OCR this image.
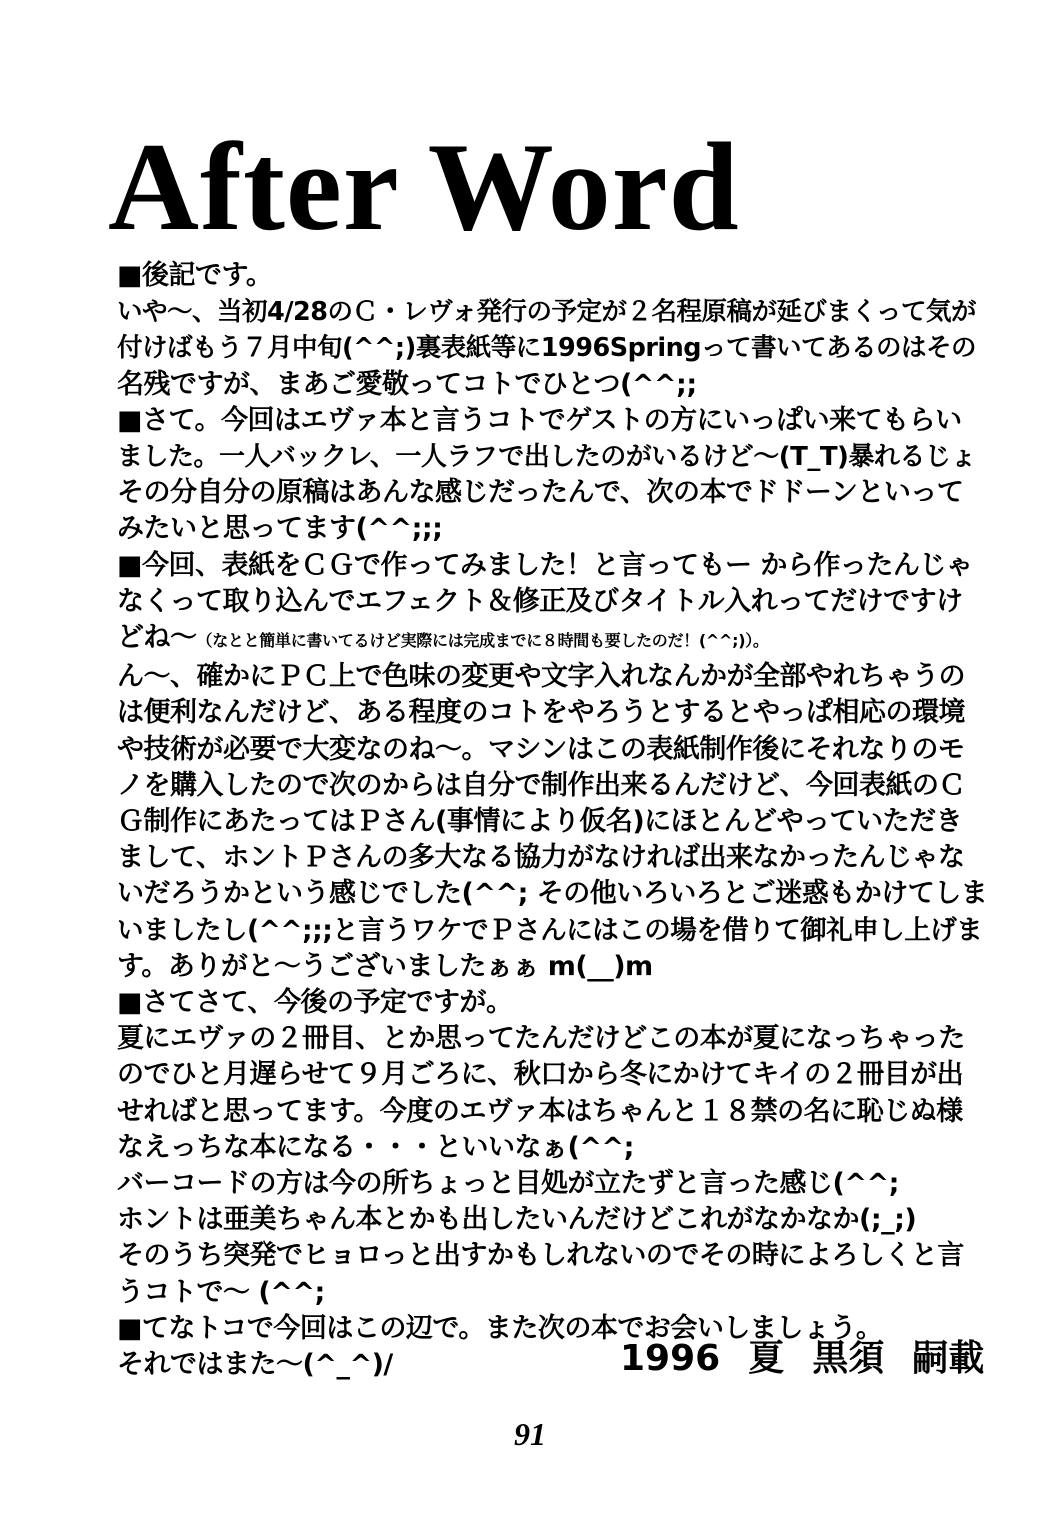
After Word
■後記です。
いや～、当初4/28のＣ・レヴォ発行の予定が２名程原稿が延びまくって気が
付けばもう７月中旬(^^;)裏表紙等に1996Springって書いてあるのはその
名残ですが、まあご愛敬ってコトでひとつ(^^;;
■さて。今回はエヴァ本と言うコトでゲストの方にいっぱい来てもらい
ました。一人バックレ、一人ラフで出したのがいるけど～(T_T)暴れるじょ
その分自分の原稿はあんな感じだったんで、次の本でドドーンといって
みたいと思ってます(^^;;;
■今回、表紙をＣＧで作ってみました！と言ってもー から作ったんじゃ
なくって取り込んでエフェクト＆修正及びタイトル入れってだけですけ
どね～（なとと簡単に書いてるけど実際には完成までに８時間も要したのだ！(^^;)）。
ん～、確かにＰＣ上で色味の変更や文字入れなんかが全部やれちゃうの
は便利なんだけど、ある程度のコトをやろうとするとやっぱ相応の環境
や技術が必要で大変なのね～。マシンはこの表紙制作後にそれなりのモ
ノを購入したので次のからは自分で制作出来るんだけど、今回表紙のＣ
Ｇ制作にあたってはＰさん(事情により仮名)にほとんどやっていただき
まして、ホントＰさんの多大なる協力がなければ出来なかったんじゃな
いだろうかという感じでした(^^; その他いろいろとご迷惑もかけてしま
いましたし(^^;;;と言うワケでＰさんにはこの場を借りて御礼申し上げま
す。ありがと～うございましたぁぁ m(__)m
■さてさて、今後の予定ですが。
夏にエヴァの２冊目、とか思ってたんだけどこの本が夏になっちゃった
のでひと月遅らせて９月ごろに、秋口から冬にかけてキイの２冊目が出
せればと思ってます。今度のエヴァ本はちゃんと１８禁の名に恥じぬ様
なえっちな本になる・・・といいなぁ(^^;
バーコードの方は今の所ちょっと目処が立たずと言った感じ(^^;
ホントは亜美ちゃん本とかも出したいんだけどこれがなかなか(;_;)
そのうち突発でヒョロっと出すかもしれないのでその時によろしくと言
うコトで～ (^^;
■てなトコで今回はこの辺で。また次の本でお会いしましょう。
それではまた～(^_^)/	1996 夏 黒須 嗣載
91
